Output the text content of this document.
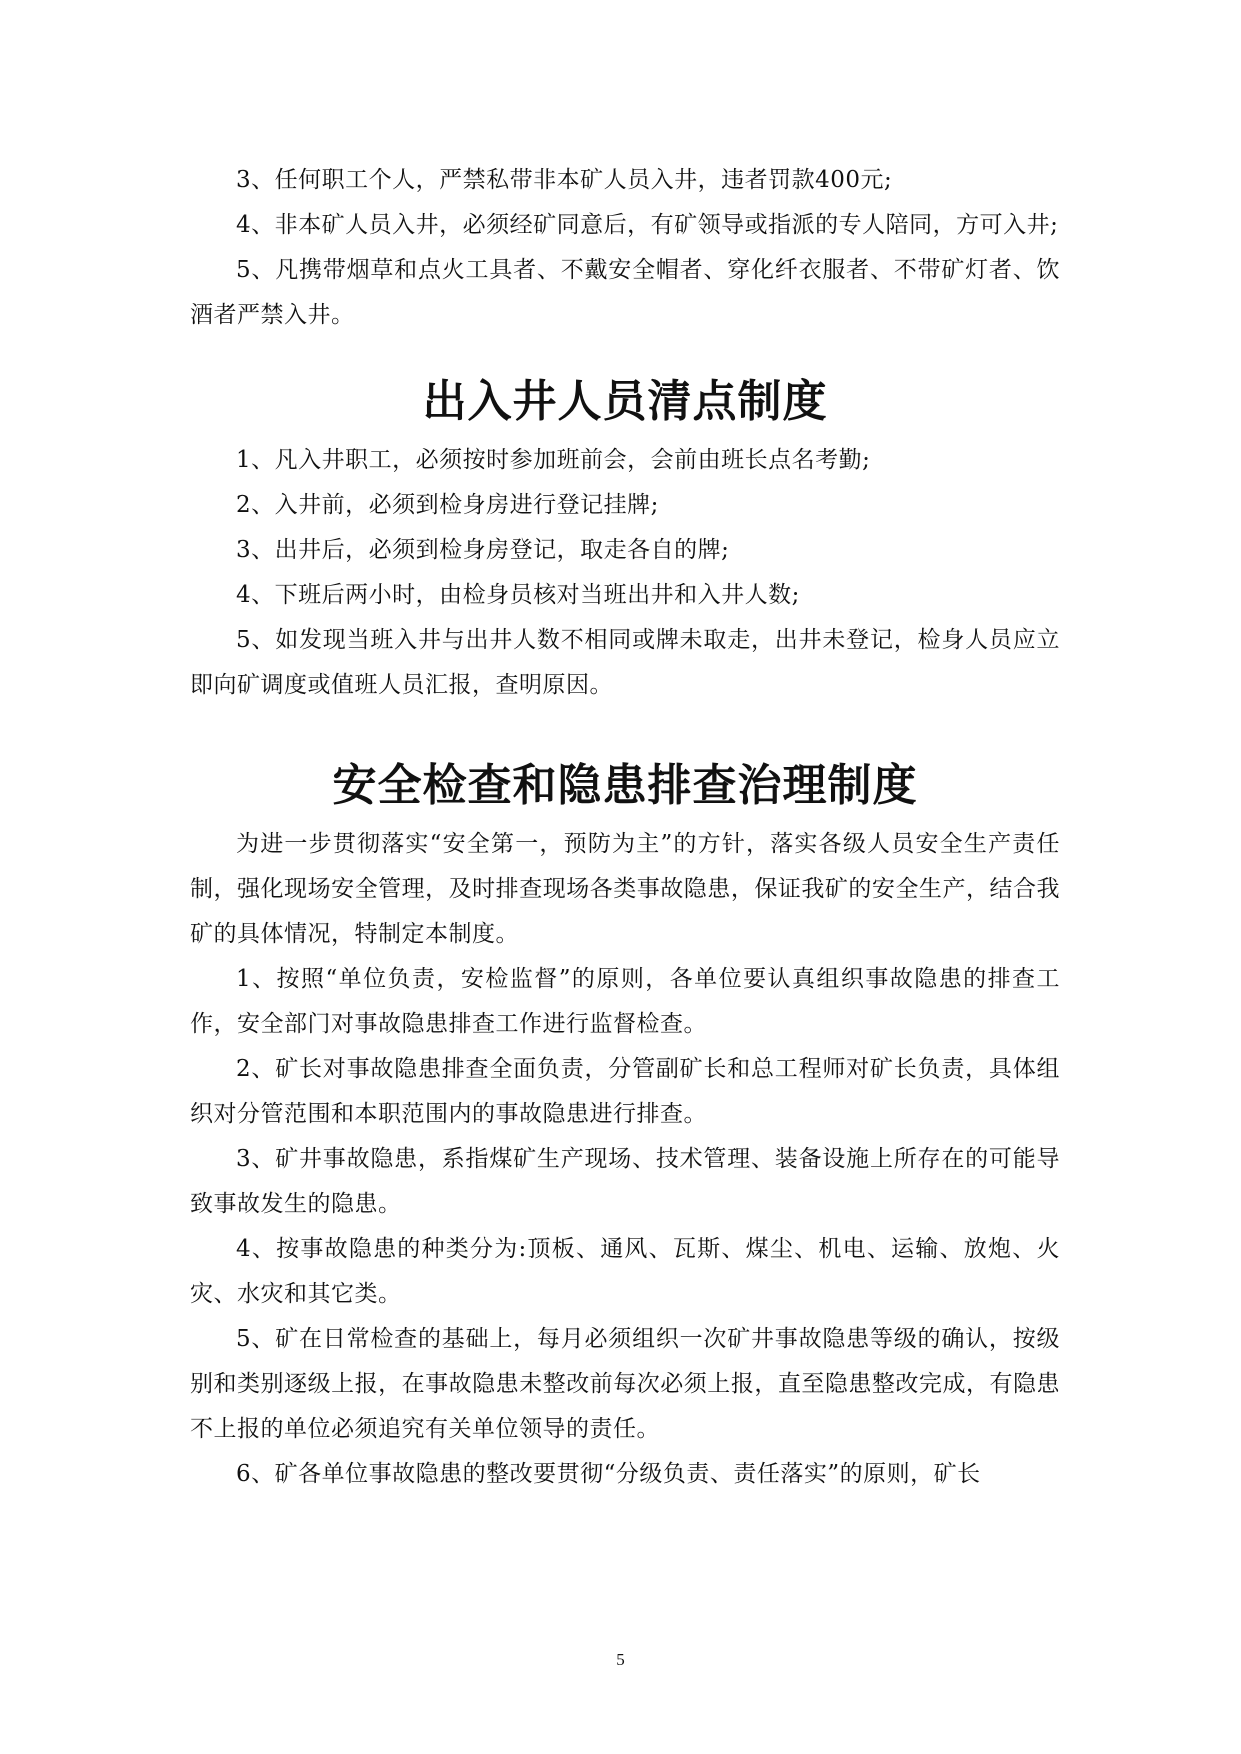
3、任何职工个人，严禁私带非本矿人员入井，违者罚款400元;

4、非本矿人员入井，必须经矿同意后，有矿领导或指派的专人陪同，方可入井;

5、凡携带烟草和点火工具者、不戴安全帽者、穿化纤衣服者、不带矿灯者、饮酒者严禁入井。

出入井人员清点制度

1、凡入井职工，必须按时参加班前会，会前由班长点名考勤;

2、入井前，必须到检身房进行登记挂牌;

3、出井后，必须到检身房登记，取走各自的牌;

4、下班后两小时，由检身员核对当班出井和入井人数;

5、如发现当班入井与出井人数不相同或牌未取走，出井未登记，检身人员应立即向矿调度或值班人员汇报，查明原因。

安全检查和隐患排查治理制度

为进一步贯彻落实“安全第一，预防为主”的方针，落实各级人员安全生产责任制，强化现场安全管理，及时排查现场各类事故隐患，保证我矿的安全生产，结合我矿的具体情况，特制定本制度。

1、按照“单位负责，安检监督”的原则，各单位要认真组织事故隐患的排查工作，安全部门对事故隐患排查工作进行监督检查。

2、矿长对事故隐患排查全面负责，分管副矿长和总工程师对矿长负责，具体组织对分管范围和本职范围内的事故隐患进行排查。

3、矿井事故隐患，系指煤矿生产现场、技术管理、装备设施上所存在的可能导致事故发生的隐患。

4、按事故隐患的种类分为:顶板、通风、瓦斯、煤尘、机电、运输、放炮、火灾、水灾和其它类。

5、矿在日常检查的基础上，每月必须组织一次矿井事故隐患等级的确认，按级别和类别逐级上报，在事故隐患未整改前每次必须上报，直至隐患整改完成，有隐患不上报的单位必须追究有关单位领导的责任。

6、矿各单位事故隐患的整改要贯彻“分级负责、责任落实”的原则，矿长

5
